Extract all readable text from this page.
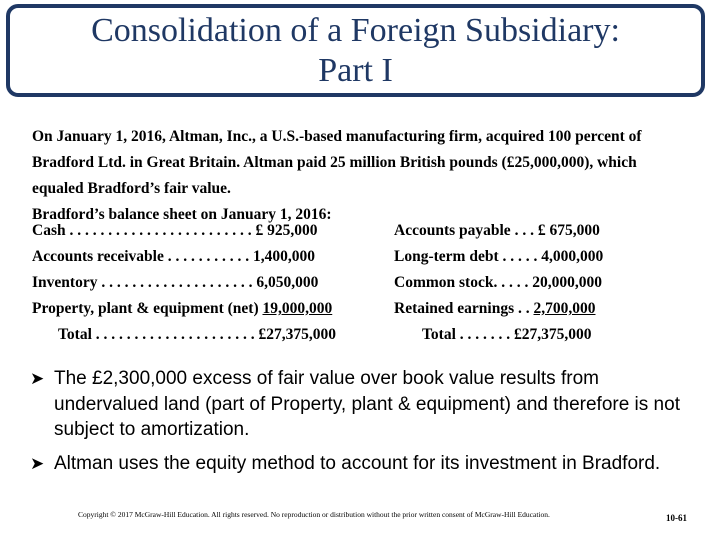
Consolidation of a Foreign Subsidiary:
Part I

On January 1, 2016, Altman, Inc., a U.S.-based manufacturing firm, acquired 100 percent of Bradford Ltd. in Great Britain. Altman paid 25 million British pounds (£25,000,000), which equaled Bradford’s fair value.

Bradford’s balance sheet on January 1, 2016:

Cash . . . . . . . . . . . . . . . . . . . . . . . . £ 925,000	Accounts payable . . . £ 675,000
Accounts receivable . . . . . . . . . . . 1,400,000	Long-term debt . . . . . 4,000,000
Inventory . . . . . . . . . . . . . . . . . . . . 6,050,000	Common stock. . . . . 20,000,000
Property, plant & equipment (net) 19,000,000	Retained earnings . . 2,700,000
Total . . . . . . . . . . . . . . . . . . . . . £27,375,000	Total . . . . . . . £27,375,000
➤ The £2,300,000 excess of fair value over book value results from undervalued land (part of Property, plant & equipment) and therefore is not subject to amortization.
➤ Altman uses the equity method to account for its investment in Bradford.
Copyright © 2017 McGraw-Hill Education. All rights reserved. No reproduction or distribution without the prior written consent of McGraw-Hill Education.	10-61
